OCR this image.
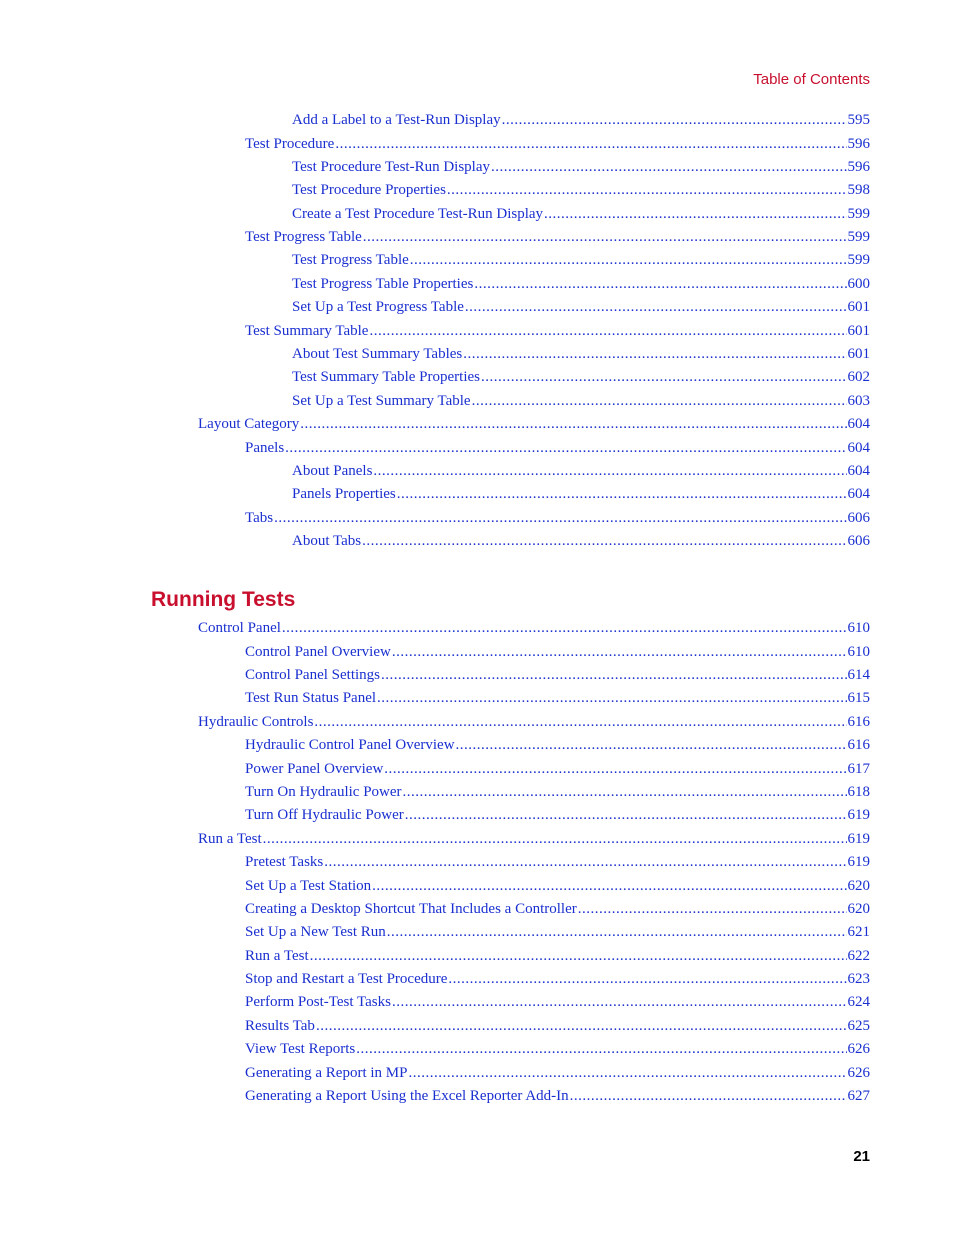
Table of Contents
Add a Label to a Test-Run Display .....	595
Test Procedure .....	596
Test Procedure Test-Run Display .....	596
Test Procedure Properties .....	598
Create a Test Procedure Test-Run Display .....	599
Test Progress Table .....	599
Test Progress Table .....	599
Test Progress Table Properties .....	600
Set Up a Test Progress Table .....	601
Test Summary Table .....	601
About Test Summary Tables .....	601
Test Summary Table Properties .....	602
Set Up a Test Summary Table .....	603
Layout Category .....	604
Panels .....	604
About Panels .....	604
Panels Properties .....	604
Tabs .....	606
About Tabs .....	606
Running Tests
Control Panel .....	610
Control Panel Overview .....	610
Control Panel Settings .....	614
Test Run Status Panel .....	615
Hydraulic Controls .....	616
Hydraulic Control Panel Overview .....	616
Power Panel Overview .....	617
Turn On Hydraulic Power .....	618
Turn Off Hydraulic Power .....	619
Run a Test .....	619
Pretest Tasks .....	619
Set Up a Test Station .....	620
Creating a Desktop Shortcut That Includes a Controller .....	620
Set Up a New Test Run .....	621
Run a Test .....	622
Stop and Restart a Test Procedure .....	623
Perform Post-Test Tasks .....	624
Results Tab .....	625
View Test Reports .....	626
Generating a Report in MP .....	626
Generating a Report Using the Excel Reporter Add-In .....	627
21
